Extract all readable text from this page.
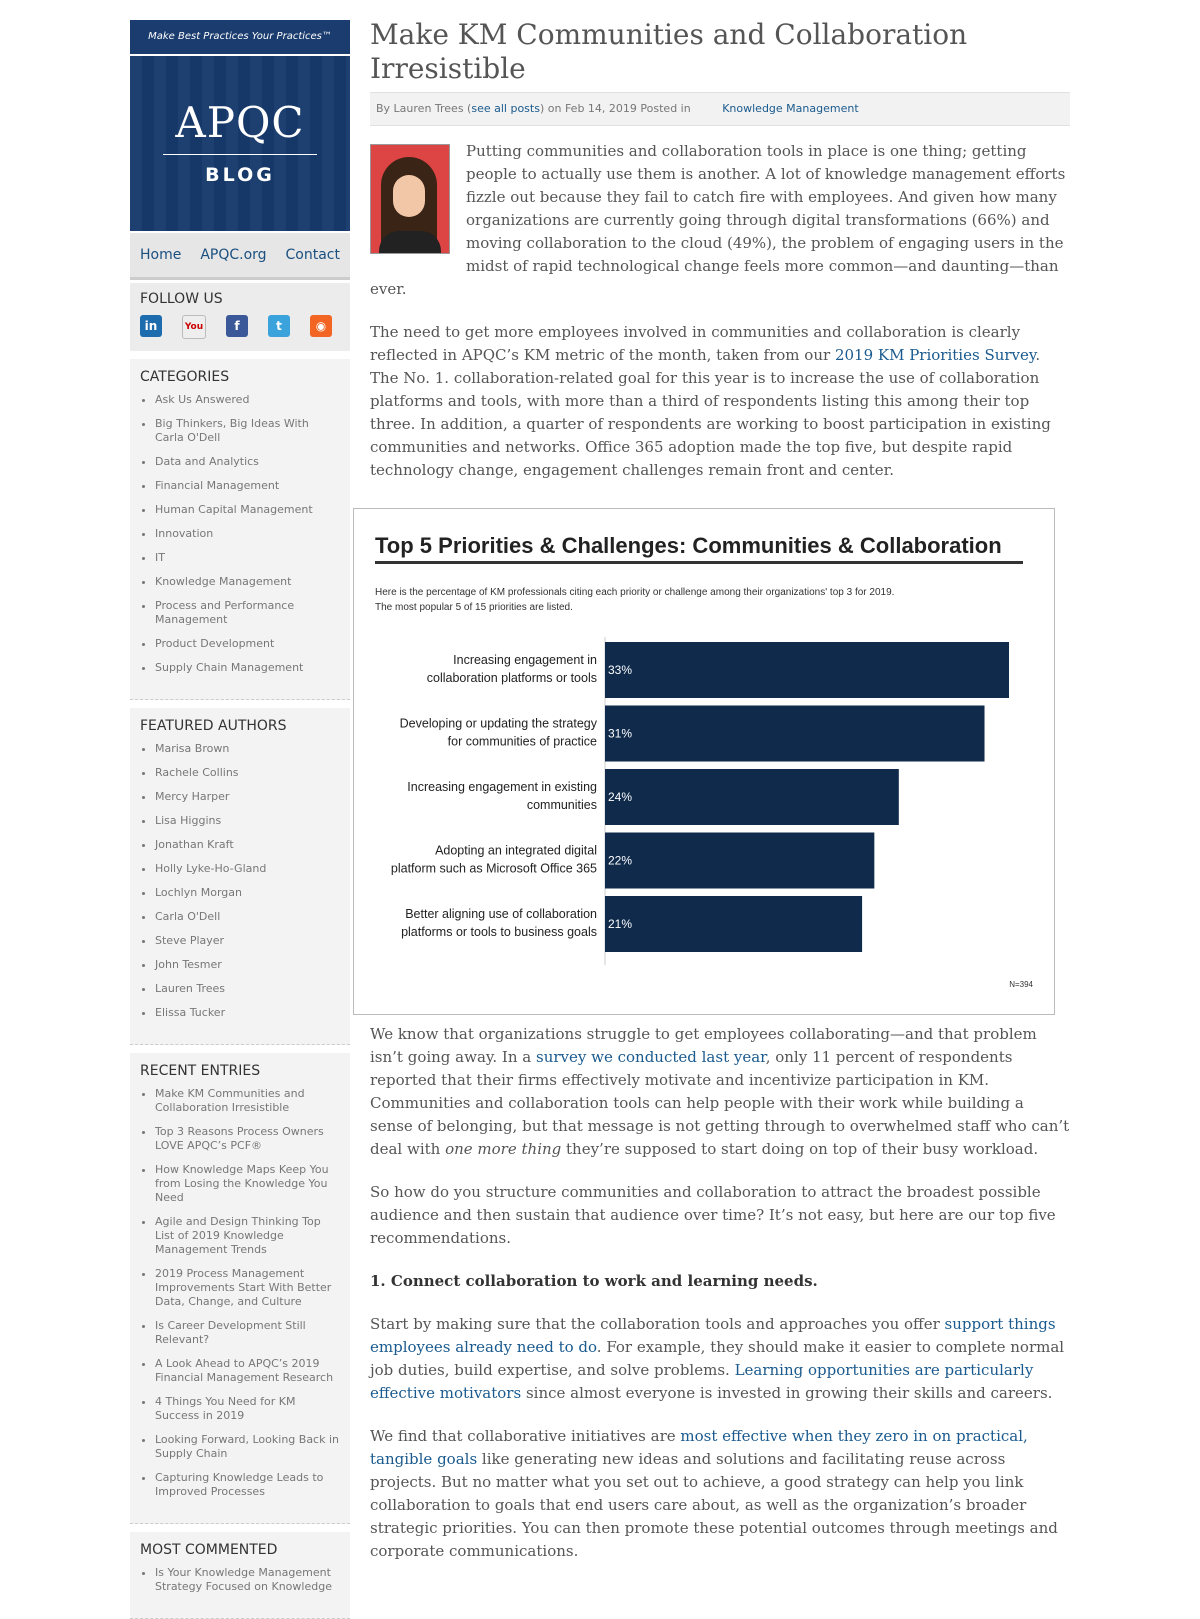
Make Best Practices Your Practices™
APQC
BLOG
Home APQC.org Contact
FOLLOW US
in	You	f	t	◉
CATEGORIES
• Ask Us Answered
• Big Thinkers, Big Ideas With Carla O'Dell
• Data and Analytics
• Financial Management
• Human Capital Management
• Innovation
• IT
• Knowledge Management
• Process and Performance Management
• Product Development
• Supply Chain Management
FEATURED AUTHORS
• Marisa Brown
• Rachele Collins
• Mercy Harper
• Lisa Higgins
• Jonathan Kraft
• Holly Lyke-Ho-Gland
• Lochlyn Morgan
• Carla O'Dell
• Steve Player
• John Tesmer
• Lauren Trees
• Elissa Tucker
RECENT ENTRIES
• Make KM Communities and Collaboration Irresistible
• Top 3 Reasons Process Owners LOVE APQC’s PCF®
• How Knowledge Maps Keep You from Losing the Knowledge You Need
• Agile and Design Thinking Top List of 2019 Knowledge Management Trends
• 2019 Process Management Improvements Start With Better Data, Change, and Culture
• Is Career Development Still Relevant?
• A Look Ahead to APQC’s 2019 Financial Management Research
• 4 Things You Need for KM Success in 2019
• Looking Forward, Looking Back in Supply Chain
• Capturing Knowledge Leads to Improved Processes
MOST COMMENTED
• Is Your Knowledge Management Strategy Focused on Knowledge
Make KM Communities and Collaboration Irresistible
By Lauren Trees (see all posts) on Feb 14, 2019 Posted in	Knowledge Management

Putting communities and collaboration tools in place is one thing; getting people to actually use them is another. A lot of knowledge management efforts fizzle out because they fail to catch fire with employees. And given how many organizations are currently going through digital transformations (66%) and moving collaboration to the cloud (49%), the problem of engaging users in the midst of rapid technological change feels more common—and daunting—than ever.

The need to get more employees involved in communities and collaboration is clearly reflected in APQC’s KM metric of the month, taken from our 2019 KM Priorities Survey. The No. 1. collaboration-related goal for this year is to increase the use of collaboration platforms and tools, with more than a third of respondents listing this among their top three. In addition, a quarter of respondents are working to boost participation in existing communities and networks. Office 365 adoption made the top five, but despite rapid technology change, engagement challenges remain front and center.

Top 5 Priorities & Challenges: Communities & Collaboration
Here is the percentage of KM professionals citing each priority or challenge among their organizations' top 3 for 2019.
The most popular 5 of 15 priorities are listed.
33%
Increasing engagement in
collaboration platforms or tools
31%
Developing or updating the strategy
for communities of practice
24%
Increasing engagement in existing
communities
22%
Adopting an integrated digital
platform such as Microsoft Office 365
21%
Better aligning use of collaboration
platforms or tools to business goals
N=394

We know that organizations struggle to get employees collaborating—and that problem isn’t going away. In a survey we conducted last year, only 11 percent of respondents reported that their firms effectively motivate and incentivize participation in KM. Communities and collaboration tools can help people with their work while building a sense of belonging, but that message is not getting through to overwhelmed staff who can’t deal with one more thing they’re supposed to start doing on top of their busy workload.

So how do you structure communities and collaboration to attract the broadest possible audience and then sustain that audience over time? It’s not easy, but here are our top five recommendations.

1. Connect collaboration to work and learning needs.

Start by making sure that the collaboration tools and approaches you offer support things employees already need to do. For example, they should make it easier to complete normal job duties, build expertise, and solve problems. Learning opportunities are particularly effective motivators since almost everyone is invested in growing their skills and careers.

We find that collaborative initiatives are most effective when they zero in on practical, tangible goals like generating new ideas and solutions and facilitating reuse across projects. But no matter what you set out to achieve, a good strategy can help you link collaboration to goals that end users care about, as well as the organization’s broader strategic priorities. You can then promote these potential outcomes through meetings and corporate communications.
